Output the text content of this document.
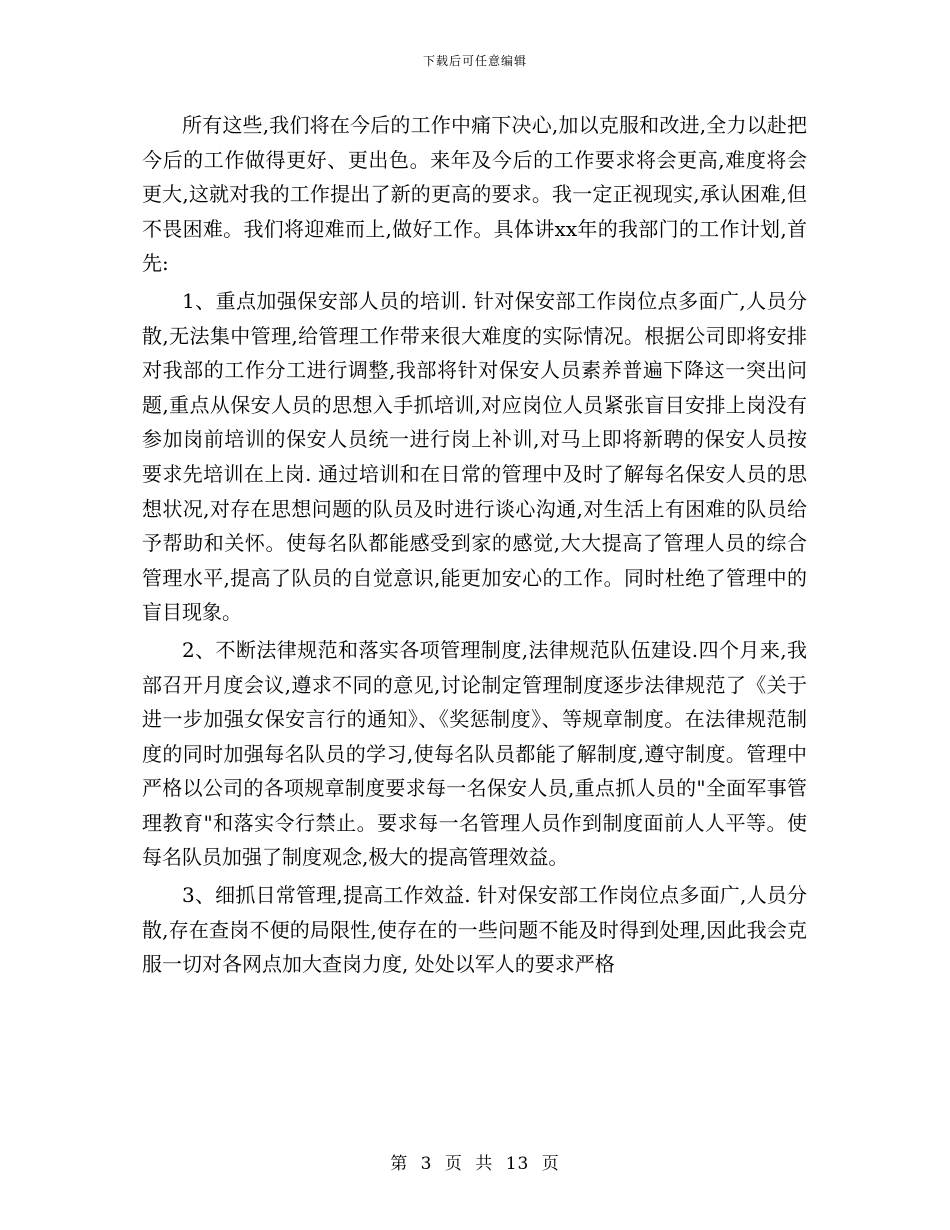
下载后可任意编辑

所有这些,我们将在今后的工作中痛下决心,加以克服和改进,全力以赴把今后的工作做得更好、更出色。来年及今后的工作要求将会更高,难度将会更大,这就对我的工作提出了新的更高的要求。我一定正视现实,承认困难,但不畏困难。我们将迎难而上,做好工作。具体讲xx年的我部门的工作计划,首先:

1、重点加强保安部人员的培训. 针对保安部工作岗位点多面广,人员分散,无法集中管理,给管理工作带来很大难度的实际情况。根据公司即将安排对我部的工作分工进行调整,我部将针对保安人员素养普遍下降这一突出问题,重点从保安人员的思想入手抓培训,对应岗位人员紧张盲目安排上岗没有参加岗前培训的保安人员统一进行岗上补训,对马上即将新聘的保安人员按要求先培训在上岗. 通过培训和在日常的管理中及时了解每名保安人员的思想状况,对存在思想问题的队员及时进行谈心沟通,对生活上有困难的队员给予帮助和关怀。使每名队都能感受到家的感觉,大大提高了管理人员的综合管理水平,提高了队员的自觉意识,能更加安心的工作。同时杜绝了管理中的盲目现象。

2、不断法律规范和落实各项管理制度,法律规范队伍建设.四个月来,我部召开月度会议,遵求不同的意见,讨论制定管理制度逐步法律规范了《关于进一步加强女保安言行的通知》、《奖惩制度》、等规章制度。在法律规范制度的同时加强每名队员的学习,使每名队员都能了解制度,遵守制度。管理中严格以公司的各项规章制度要求每一名保安人员,重点抓人员的"全面军事管理教育"和落实令行禁止。要求每一名管理人员作到制度面前人人平等。使每名队员加强了制度观念,极大的提高管理效益。

3、细抓日常管理,提高工作效益. 针对保安部工作岗位点多面广,人员分散,存在查岗不便的局限性,使存在的一些问题不能及时得到处理,因此我会克服一切对各网点加大查岗力度, 处处以军人的要求严格

第 3 页 共 13 页
